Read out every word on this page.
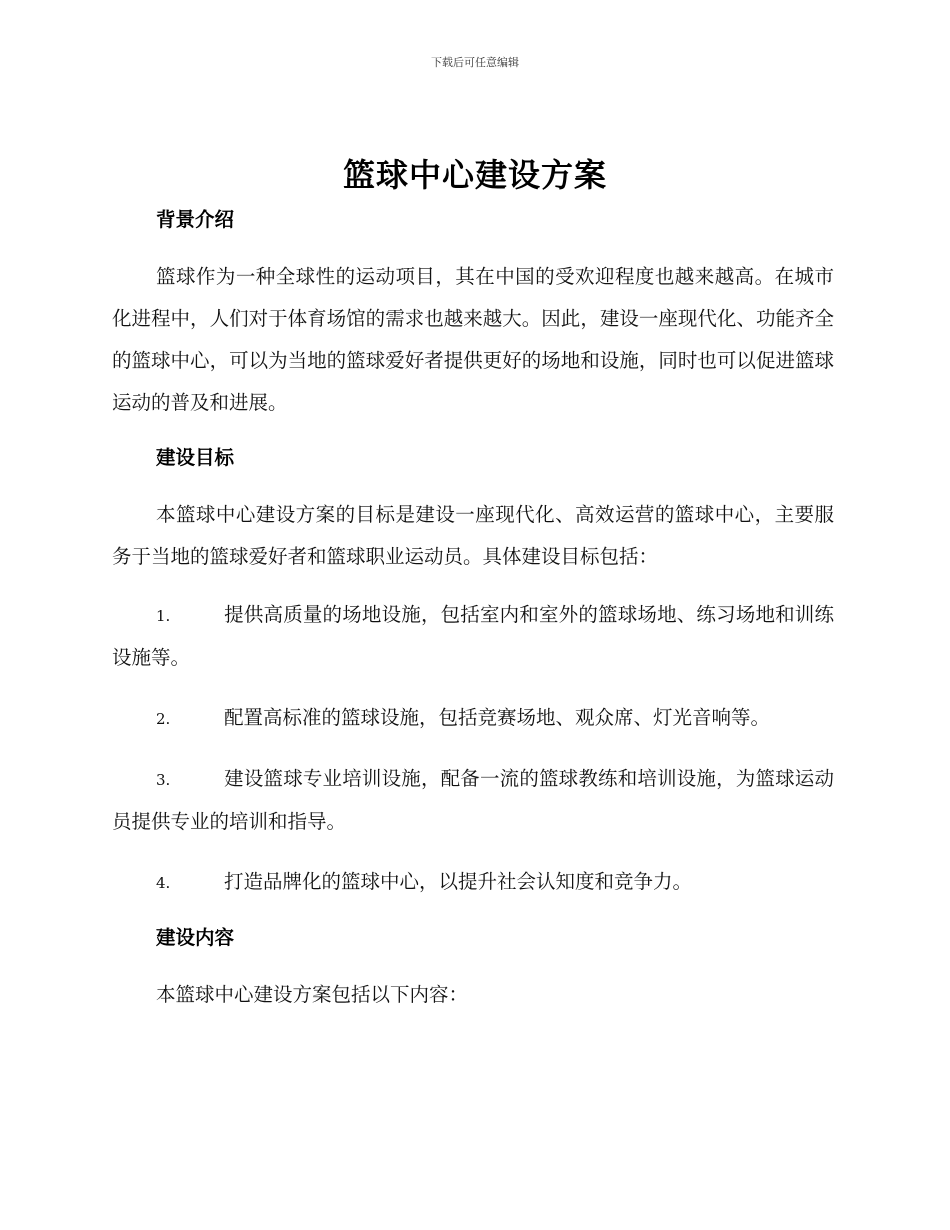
下载后可任意编辑
篮球中心建设方案
背景介绍

篮球作为一种全球性的运动项目，其在中国的受欢迎程度也越来越高。在城市化进程中，人们对于体育场馆的需求也越来越大。因此，建设一座现代化、功能齐全的篮球中心，可以为当地的篮球爱好者提供更好的场地和设施，同时也可以促进篮球运动的普及和进展。

建设目标

本篮球中心建设方案的目标是建设一座现代化、高效运营的篮球中心，主要服务于当地的篮球爱好者和篮球职业运动员。具体建设目标包括：

1.	提供高质量的场地设施，包括室内和室外的篮球场地、练习场地和训练设施等。

2.	配置高标准的篮球设施，包括竞赛场地、观众席、灯光音响等。

3.	建设篮球专业培训设施，配备一流的篮球教练和培训设施，为篮球运动员提供专业的培训和指导。

4.	打造品牌化的篮球中心，以提升社会认知度和竞争力。

建设内容

本篮球中心建设方案包括以下内容：
